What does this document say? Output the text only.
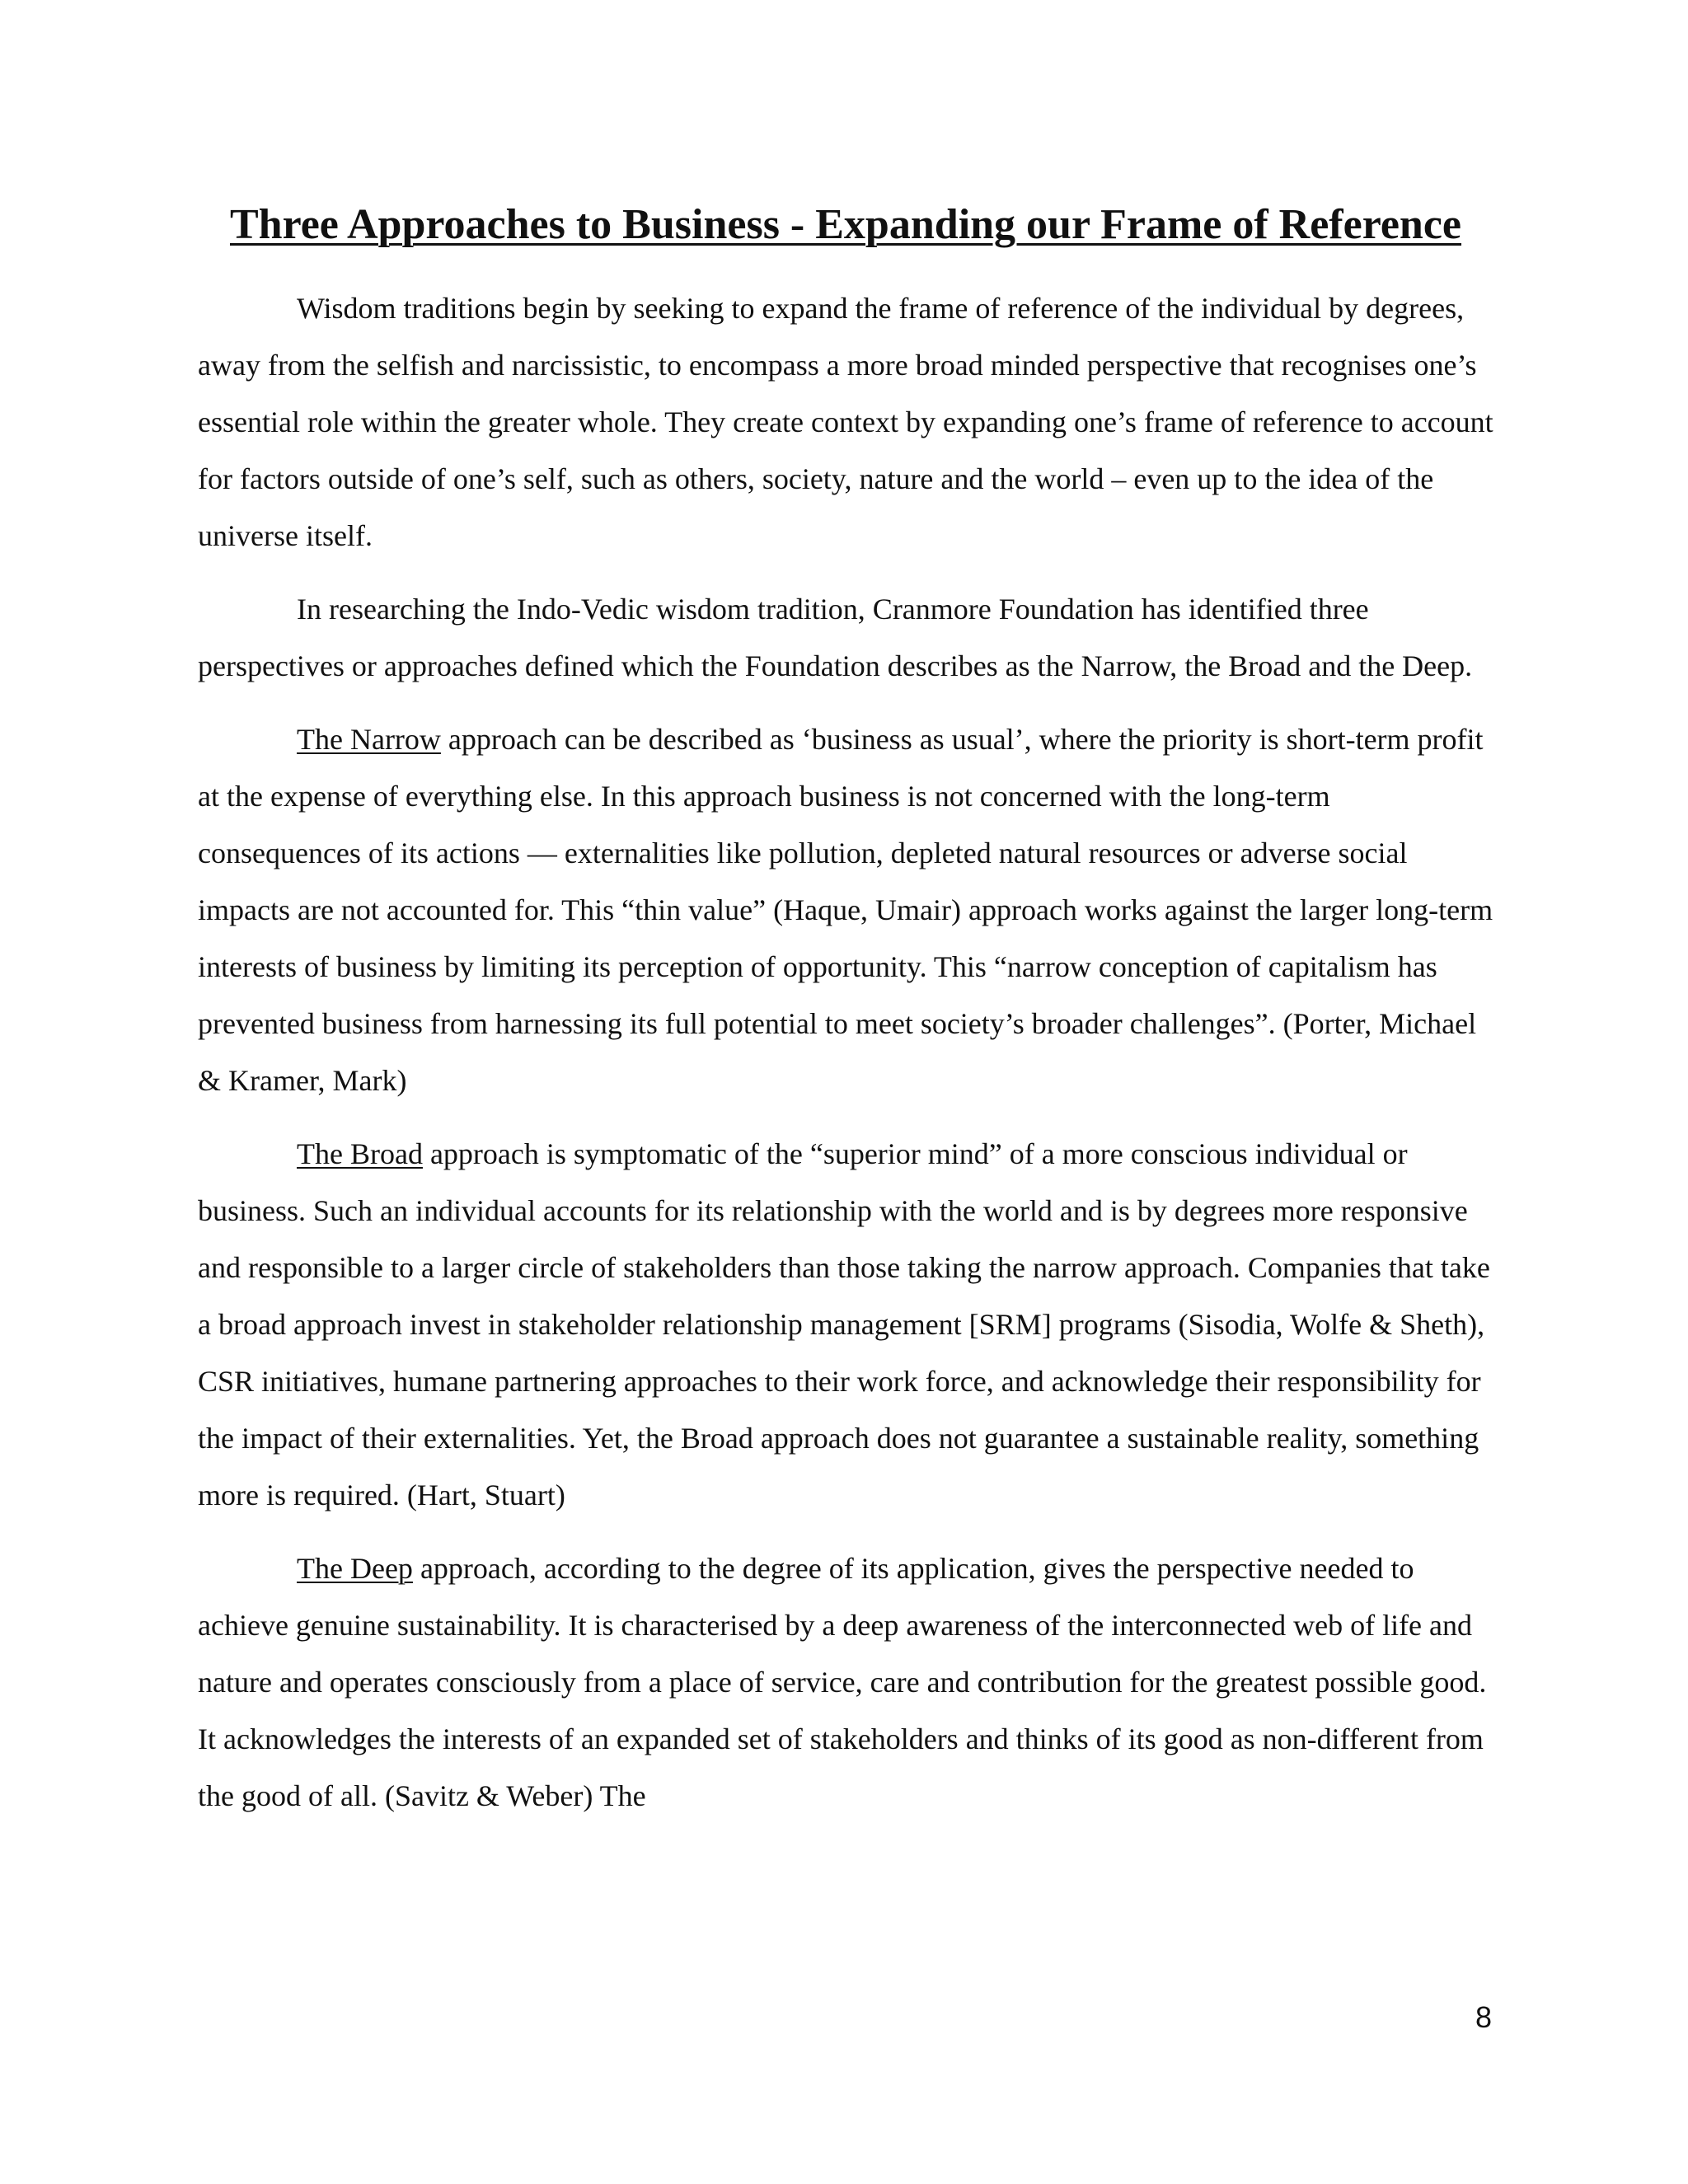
Three Approaches to Business - Expanding our Frame of Reference

Wisdom traditions begin by seeking to expand the frame of reference of the individual by degrees, away from the selfish and narcissistic, to encompass a more broad minded perspective that recognises one’s essential role within the greater whole. They create context by expanding one’s frame of reference to account for factors outside of one’s self, such as others, society, nature and the world – even up to the idea of the universe itself.

In researching the Indo-Vedic wisdom tradition, Cranmore Foundation has identified three perspectives or approaches defined which the Foundation describes as the Narrow, the Broad and the Deep.

The Narrow approach can be described as ‘business as usual’, where the priority is short-term profit at the expense of everything else. In this approach business is not concerned with the long-term consequences of its actions — externalities like pollution, depleted natural resources or adverse social impacts are not accounted for. This “thin value” (Haque, Umair) approach works against the larger long-term interests of business by limiting its perception of opportunity. This “narrow conception of capitalism has prevented business from harnessing its full potential to meet society’s broader challenges”. (Porter, Michael & Kramer, Mark)

The Broad approach is symptomatic of the “superior mind” of a more conscious individual or business. Such an individual accounts for its relationship with the world and is by degrees more responsive and responsible to a larger circle of stakeholders than those taking the narrow approach. Companies that take a broad approach invest in stakeholder relationship management [SRM] programs (Sisodia, Wolfe & Sheth), CSR initiatives, humane partnering approaches to their work force, and acknowledge their responsibility for the impact of their externalities. Yet, the Broad approach does not guarantee a sustainable reality, something more is required. (Hart, Stuart)

The Deep approach, according to the degree of its application, gives the perspective needed to achieve genuine sustainability. It is characterised by a deep awareness of the interconnected web of life and nature and operates consciously from a place of service, care and contribution for the greatest possible good. It acknowledges the interests of an expanded set of stakeholders and thinks of its good as non-different from the good of all. (Savitz & Weber) The

8
